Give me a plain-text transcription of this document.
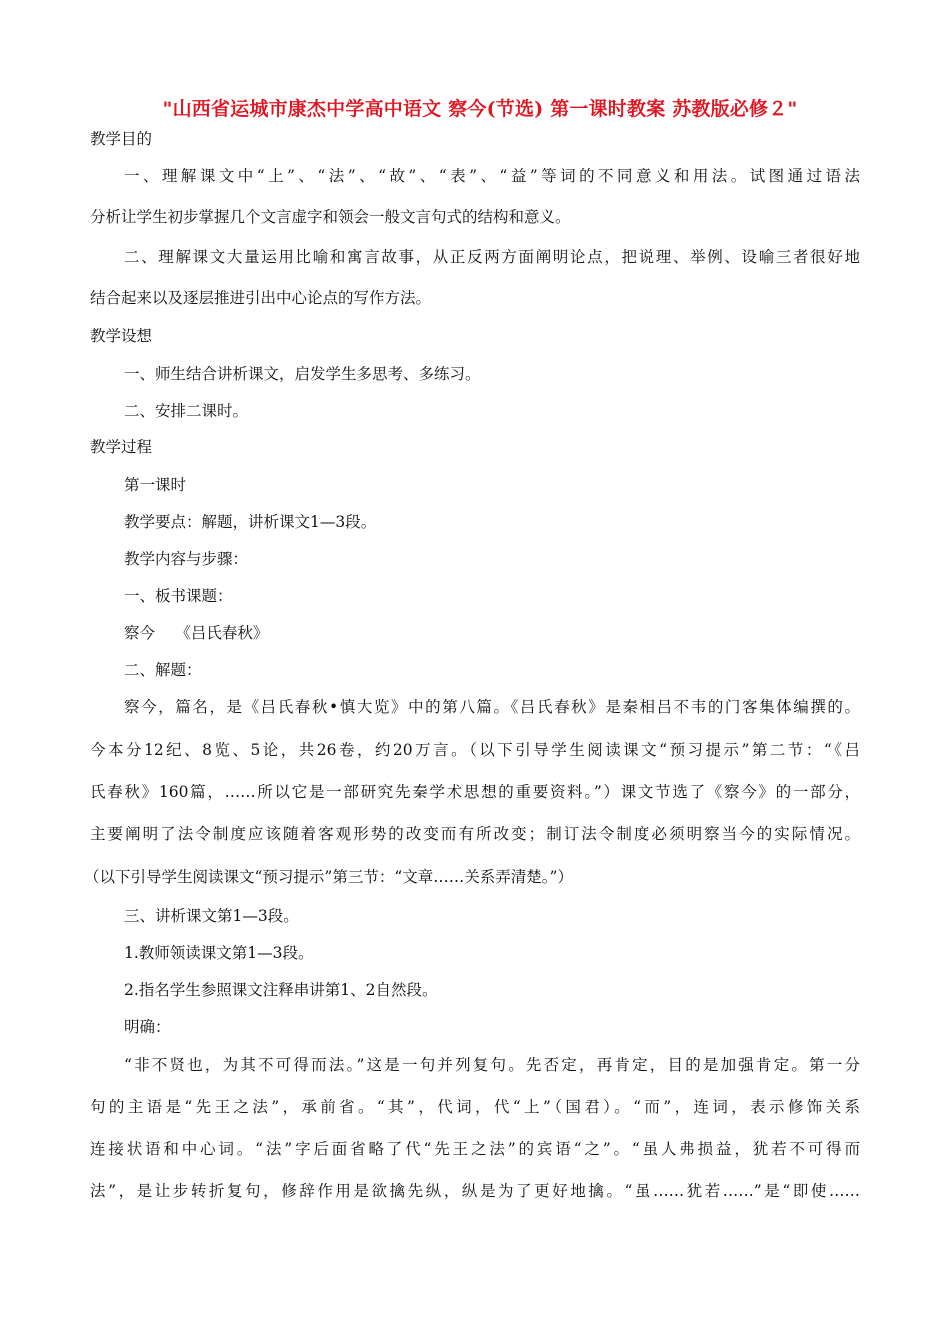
"山西省运城市康杰中学高中语文 察今(节选) 第一课时教案 苏教版必修２"
教学目的
一、理解课文中“上”、“法”、“故”、“表”、“益”等词的不同意义和用法。试图通过语法
分析让学生初步掌握几个文言虚字和领会一般文言句式的结构和意义。
二、理解课文大量运用比喻和寓言故事，从正反两方面阐明论点，把说理、举例、设喻三者很好地
结合起来以及逐层推进引出中心论点的写作方法。
教学设想
一、师生结合讲析课文，启发学生多思考、多练习。
二、安排二课时。
教学过程
第一课时
教学要点：解题，讲析课文1—3段。
教学内容与步骤：
一、板书课题：
察今　 《吕氏春秋》
二、解题：
察今，篇名，是《吕氏春秋•慎大览》中的第八篇。《吕氏春秋》是秦相吕不韦的门客集体编撰的。
今本分12纪、8览、5论，共26卷，约20万言。（以下引导学生阅读课文“预习提示”第二节：“《吕
氏春秋》160篇，……所以它是一部研究先秦学术思想的重要资料。”）课文节选了《察今》的一部分，
主要阐明了法令制度应该随着客观形势的改变而有所改变；制订法令制度必须明察当今的实际情况。
（以下引导学生阅读课文“预习提示”第三节：“文章……关系弄清楚。”）
三、讲析课文第1—3段。
1.教师领读课文第1—3段。
2.指名学生参照课文注释串讲第1、2自然段。
明确：
“非不贤也，为其不可得而法。”这是一句并列复句。先否定，再肯定，目的是加强肯定。第一分
句的主语是“先王之法”，承前省。“其”，代词，代“上”（国君）。“而”，连词，表示修饰关系
连接状语和中心词。“法”字后面省略了代“先王之法”的宾语“之”。“虽人弗损益，犹若不可得而
法”，是让步转折复句，修辞作用是欲擒先纵，纵是为了更好地擒。“虽……犹若……”是“即使……
